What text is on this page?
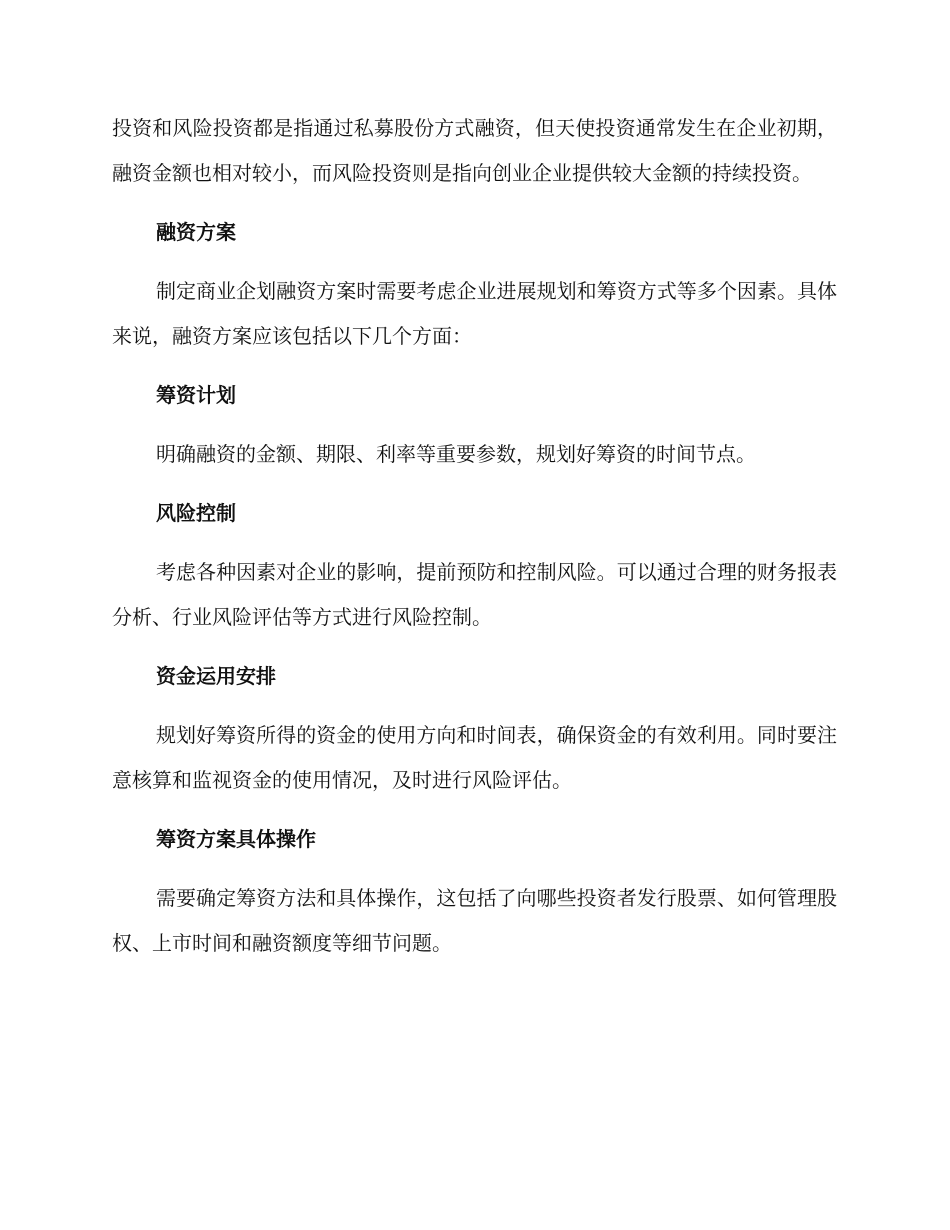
投资和风险投资都是指通过私募股份方式融资，但天使投资通常发生在企业初期，融资金额也相对较小，而风险投资则是指向创业企业提供较大金额的持续投资。

融资方案

制定商业企划融资方案时需要考虑企业进展规划和筹资方式等多个因素。具体来说，融资方案应该包括以下几个方面：

筹资计划

明确融资的金额、期限、利率等重要参数，规划好筹资的时间节点。

风险控制

考虑各种因素对企业的影响，提前预防和控制风险。可以通过合理的财务报表分析、行业风险评估等方式进行风险控制。

资金运用安排

规划好筹资所得的资金的使用方向和时间表，确保资金的有效利用。同时要注意核算和监视资金的使用情况，及时进行风险评估。

筹资方案具体操作

需要确定筹资方法和具体操作，这包括了向哪些投资者发行股票、如何管理股权、上市时间和融资额度等细节问题。
